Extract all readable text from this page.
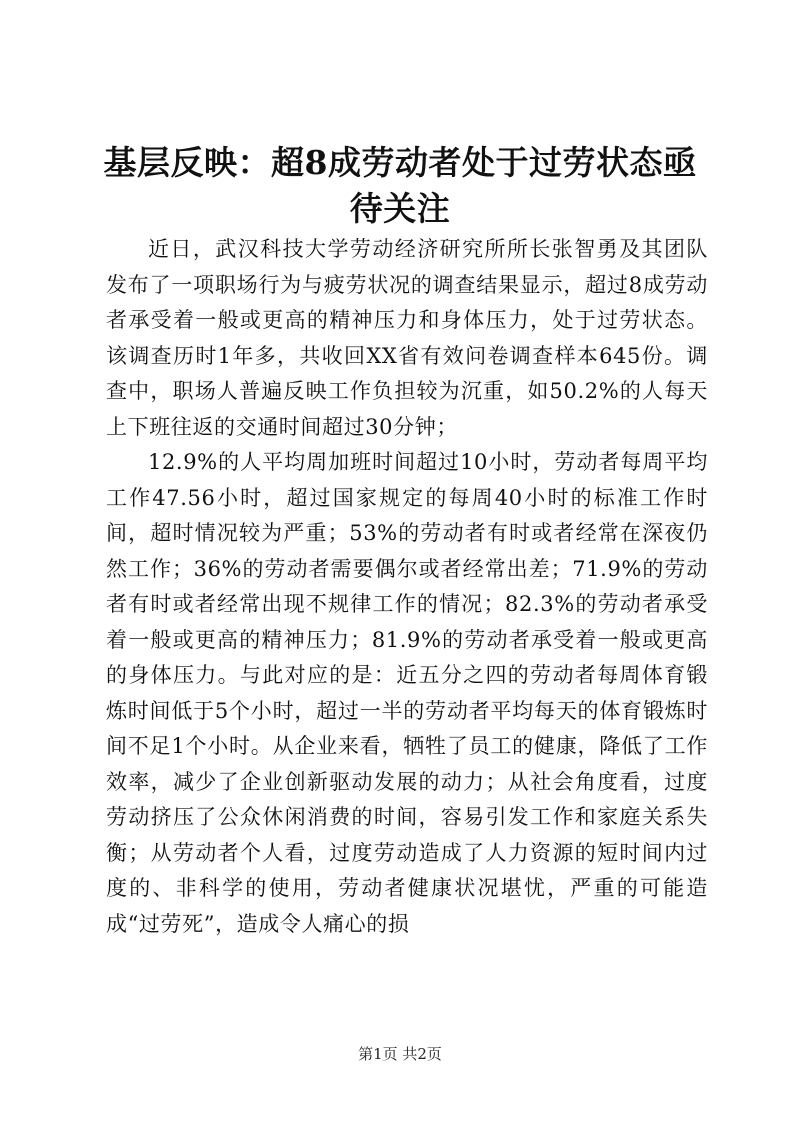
基层反映：超8成劳动者处于过劳状态亟待关注

近日，武汉科技大学劳动经济研究所所长张智勇及其团队发布了一项职场行为与疲劳状况的调查结果显示，超过8成劳动者承受着一般或更高的精神压力和身体压力，处于过劳状态。该调查历时1年多，共收回XX省有效问卷调查样本645份。调查中，职场人普遍反映工作负担较为沉重，如50.2%的人每天上下班往返的交通时间超过30分钟；

12.9%的人平均周加班时间超过10小时，劳动者每周平均工作47.56小时，超过国家规定的每周40小时的标准工作时间，超时情况较为严重；53%的劳动者有时或者经常在深夜仍然工作；36%的劳动者需要偶尔或者经常出差；71.9%的劳动者有时或者经常出现不规律工作的情况；82.3%的劳动者承受着一般或更高的精神压力；81.9%的劳动者承受着一般或更高的身体压力。与此对应的是：近五分之四的劳动者每周体育锻炼时间低于5个小时，超过一半的劳动者平均每天的体育锻炼时间不足1个小时。从企业来看，牺牲了员工的健康，降低了工作效率，减少了企业创新驱动发展的动力；从社会角度看，过度劳动挤压了公众休闲消费的时间，容易引发工作和家庭关系失衡；从劳动者个人看，过度劳动造成了人力资源的短时间内过度的、非科学的使用，劳动者健康状况堪忧，严重的可能造成“过劳死”，造成令人痛心的损

第1页 共2页
